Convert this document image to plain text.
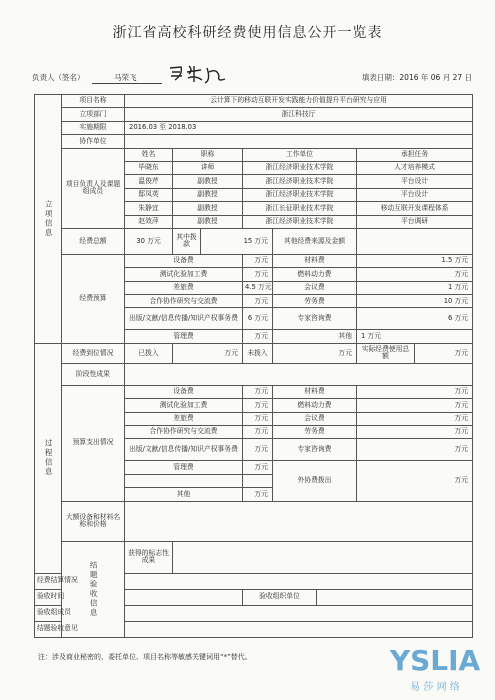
浙江省高校科研经费使用信息公开一览表
负责人（签名）	马荣飞	填表日期：2016 年 06 月 27 日
立项信息	项目名称	云计算下的移动互联开发实践能力价值提升平台研究与应用							
	立项部门	浙江科技厅							
	实施期限	2016.03 至 2018.03							
	协作单位								
	项目负责人及课题组成员	姓名	职称		工作单位			承担任务	
		毕晓东	讲师		浙江经济职业技术学院			人才培养模式	
		温俊芹	副教授		浙江经济职业技术学院			平台设计	
		邸凤英	副教授		浙江经济职业技术学院			平台设计	
		朱静宜	副教授		浙江长征职业技术学院			移动互联开发课程体系	
		赵效萍	副教授		浙江经济职业技术学院			平台调研	
	经费总额	30 万元	其中拨款	15 万元		其他经费来源及金额			
	经费预算	设备费			万元	材料费		1.5 万元	
		测试化验加工费			万元	燃料动力费		万元	
		差旅费			4.5 万元	会议费		1 万元	
		合作协作研究与交流费			万元	劳务费		10 万元	
		出版/文献/信息传播/知识产权事务费			6 万元	专家咨询费		6 万元	
		管理费			万元	其他		1 万元	
过程信息	经费到位情况	已拨入	万元		未拨入	万元		实际经费使用总额	万元
	阶段性成果								
	预算支出情况	设备费			万元	材料费		万元	
		测试化验加工费			万元	燃料动力费		万元	
		差旅费			万元	会议费		万元	
		合作协作研究与交流费			万元	劳务费		万元	
		出版/文献/信息传播/知识产权事务费			万元	专家咨询费		万元	
		管理费			万元	外协费拨出		万元	

		其他			万元				
	大额设备和材料名称和价格								
	结题验收信息	获得的标志性成果							
经费结算情况									
验收时间					验收组织单位				
验收组成员									
结题验收意见									
注：涉及商业秘密的，委托单位、项目名称等敏感关键词用“*”替代。	YSLIA
易 莎 网 络
